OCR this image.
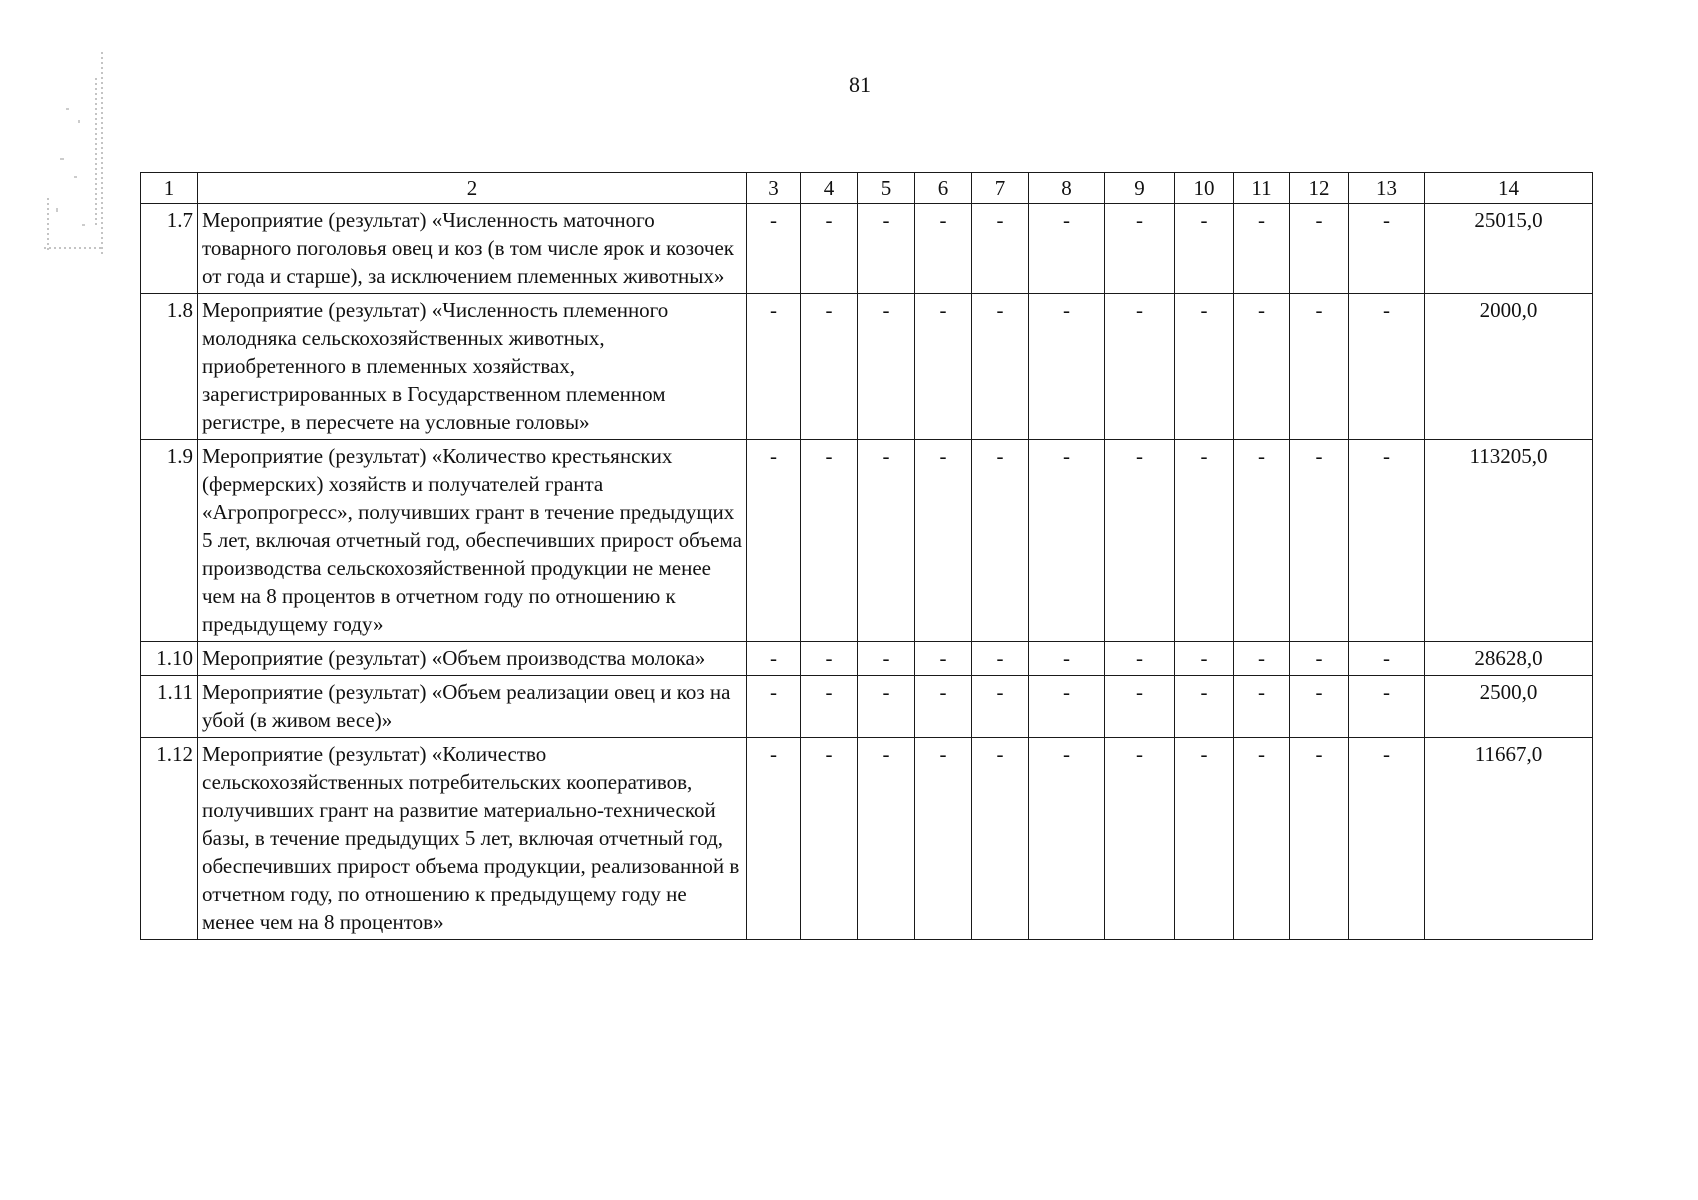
81
1	2	3	4	5	6	7	8	9	10	11	12	13	14
1.7	Мероприятие (результат) «Численность маточного товарного поголовья овец и коз (в том числе ярок и козочек от года и старше), за исключением племенных животных»	-	-	-	-	-	-	-	-	-	-	-	25015,0
1.8	Мероприятие (результат) «Численность племенного молодняка сельскохозяйственных животных, приобретенного в племенных хозяйствах, зарегистрированных в Государственном племенном регистре, в пересчете на условные головы»	-	-	-	-	-	-	-	-	-	-	-	2000,0
1.9	Мероприятие (результат) «Количество крестьянских (фермерских) хозяйств и получателей гранта «Агропрогресс», получивших грант в течение предыдущих 5 лет, включая отчетный год, обеспечивших прирост объема производства сельскохозяйственной продукции не менее чем на 8 процентов в отчетном году по отношению к предыдущему году»	-	-	-	-	-	-	-	-	-	-	-	113205,0
1.10	Мероприятие (результат) «Объем производства молока»	-	-	-	-	-	-	-	-	-	-	-	28628,0
1.11	Мероприятие (результат) «Объем реализации овец и коз на убой (в живом весе)»	-	-	-	-	-	-	-	-	-	-	-	2500,0
1.12	Мероприятие (результат) «Количество сельскохозяйственных потребительских кооперативов, получивших грант на развитие материально-технической базы, в течение предыдущих 5 лет, включая отчетный год, обеспечивших прирост объема продукции, реализованной в отчетном году, по отношению к предыдущему году не менее чем на 8 процентов»	-	-	-	-	-	-	-	-	-	-	-	11667,0
